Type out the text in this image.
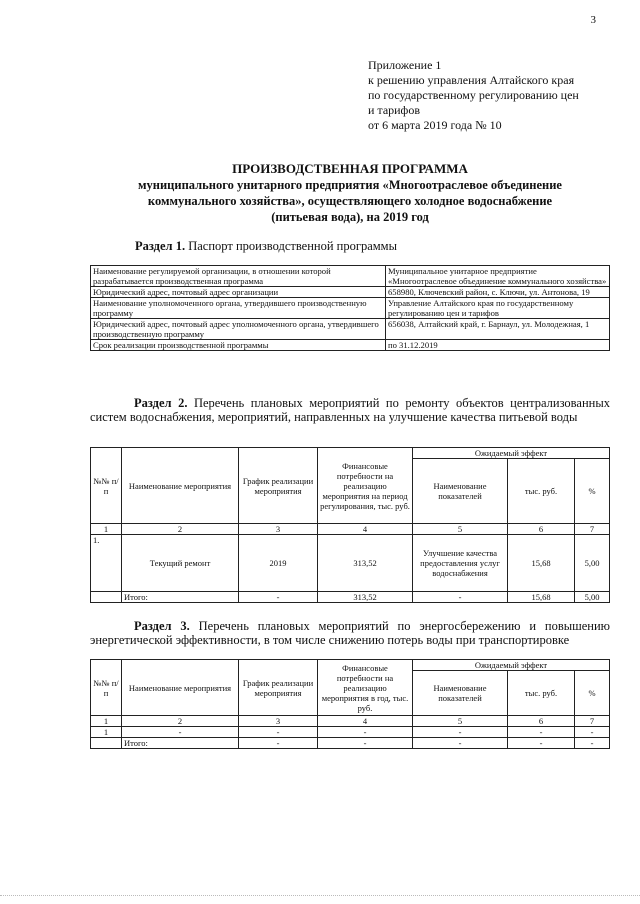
3
Приложение 1
к решению управления Алтайского края
по государственному регулированию цен
и тарифов
от 6 марта 2019 года № 10
ПРОИЗВОДСТВЕННАЯ ПРОГРАММА
муниципального унитарного предприятия «Многоотраслевое объединение
коммунального хозяйства», осуществляющего холодное водоснабжение
(питьевая вода), на 2019 год
Раздел 1. Паспорт производственной программы
Наименование регулируемой организации, в отношении которой разрабатывается производственная программа	Муниципальное унитарное предприятие «Многоотраслевое объединение коммунального хозяйства»
Юридический адрес, почтовый адрес организации	658980, Ключевский район, с. Ключи, ул. Антонова, 19
Наименование уполномоченного органа, утвердившего производственную программу	Управление Алтайского края по государственному регулированию цен и тарифов
Юридический адрес, почтовый адрес уполномоченного органа, утвердившего производственную программу	656038, Алтайский край, г. Барнаул, ул. Молодежная, 1
Срок реализации производственной программы	по 31.12.2019
Раздел 2. Перечень плановых мероприятий по ремонту объектов централизованных систем водоснабжения, мероприятий, направленных на улучшение качества питьевой воды
№№ п/п	Наименование мероприятия	График реализации мероприятия	Финансовые потребности на реализацию мероприятия на период регулирования, тыс. руб.	Ожидаемый эффект		
				Наименование показателей	тыс. руб.	%
1	2	3	4	5	6	7
1.	Текущий ремонт	2019	313,52	Улучшение качества предоставления услуг водоснабжения	15,68	5,00
	Итого:	-	313,52	-	15,68	5,00
Раздел 3. Перечень плановых мероприятий по энергосбережению и повышению энергетической эффективности, в том числе снижению потерь воды при транспортировке
№№ п/п	Наименование мероприятия	График реализации мероприятия	Финансовые потребности на реализацию мероприятия в год, тыс. руб.	Ожидаемый эффект		
				Наименование показателей	тыс. руб.	%
1	2	3	4	5	6	7
1	-	-	-	-	-	-
	Итого:	-	-	-	-	-
